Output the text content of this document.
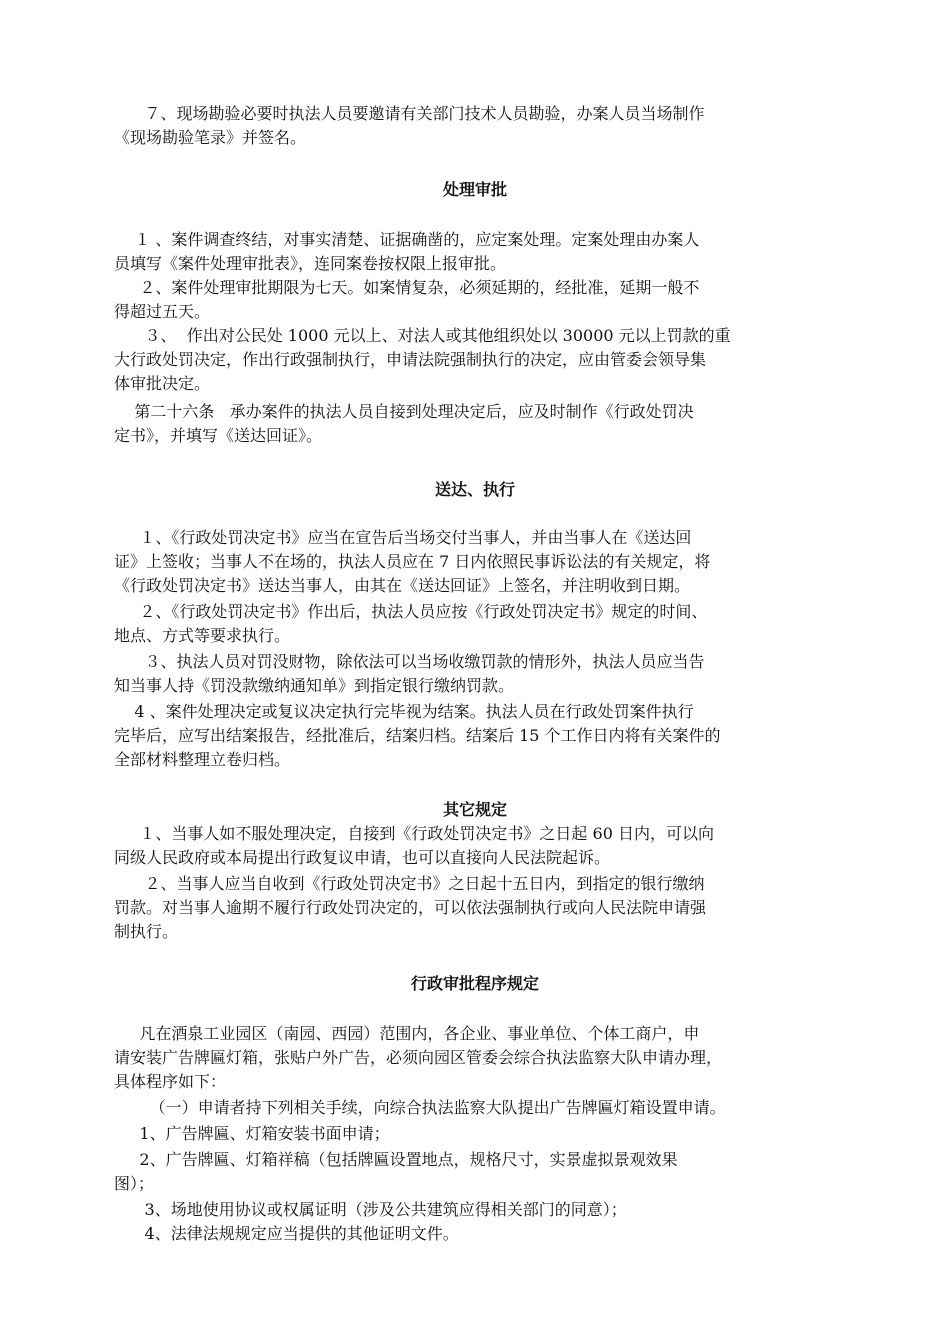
７、现场勘验必要时执法人员要邀请有关部门技术人员勘验，办案人员当场制作
《现场勘验笔录》并签名。
处理审批
１ 、案件调查终结，对事实清楚、证据确凿的，应定案处理。定案处理由办案人
员填写《案件处理审批表》，连同案卷按权限上报审批。
２、案件处理审批期限为七天。如案情复杂，必须延期的，经批准，延期一般不
得超过五天。
３、  作出对公民处 1000 元以上、对法人或其他组织处以 30000 元以上罚款的重
大行政处罚决定，作出行政强制执行，申请法院强制执行的决定，应由管委会领导集
体审批决定。
第二十六条   承办案件的执法人员自接到处理决定后，应及时制作《行政处罚决
定书》，并填写《送达回证》。
送达、执行
１、《行政处罚决定书》应当在宣告后当场交付当事人，并由当事人在《送达回
证》上签收；当事人不在场的，执法人员应在 7 日内依照民事诉讼法的有关规定，将
《行政处罚决定书》送达当事人，由其在《送达回证》上签名，并注明收到日期。
２、《行政处罚决定书》作出后，执法人员应按《行政处罚决定书》规定的时间、
地点、方式等要求执行。
３、执法人员对罚没财物，除依法可以当场收缴罚款的情形外，执法人员应当告
知当事人持《罚没款缴纳通知单》到指定银行缴纳罚款。
4 、案件处理决定或复议决定执行完毕视为结案。执法人员在行政处罚案件执行
完毕后，应写出结案报告，经批准后，结案归档。结案后 15 个工作日内将有关案件的
全部材料整理立卷归档。
其它规定
１、当事人如不服处理决定，自接到《行政处罚决定书》之日起 60 日内，可以向
同级人民政府或本局提出行政复议申请，也可以直接向人民法院起诉。
２、当事人应当自收到《行政处罚决定书》之日起十五日内，到指定的银行缴纳
罚款。对当事人逾期不履行行政处罚决定的，可以依法强制执行或向人民法院申请强
制执行。
行政审批程序规定
凡在酒泉工业园区（南园、西园）范围内，各企业、事业单位、个体工商户，申
请安装广告牌匾灯箱，张贴户外广告，必须向园区管委会综合执法监察大队申请办理，
具体程序如下：
（一）申请者持下列相关手续，向综合执法监察大队提出广告牌匾灯箱设置申请。
1、广告牌匾、灯箱安装书面申请；
2、广告牌匾、灯箱祥稿（包括牌匾设置地点，规格尺寸，实景虚拟景观效果
图）；
3、场地使用协议或权属证明（涉及公共建筑应得相关部门的同意）；
4、法律法规规定应当提供的其他证明文件。
